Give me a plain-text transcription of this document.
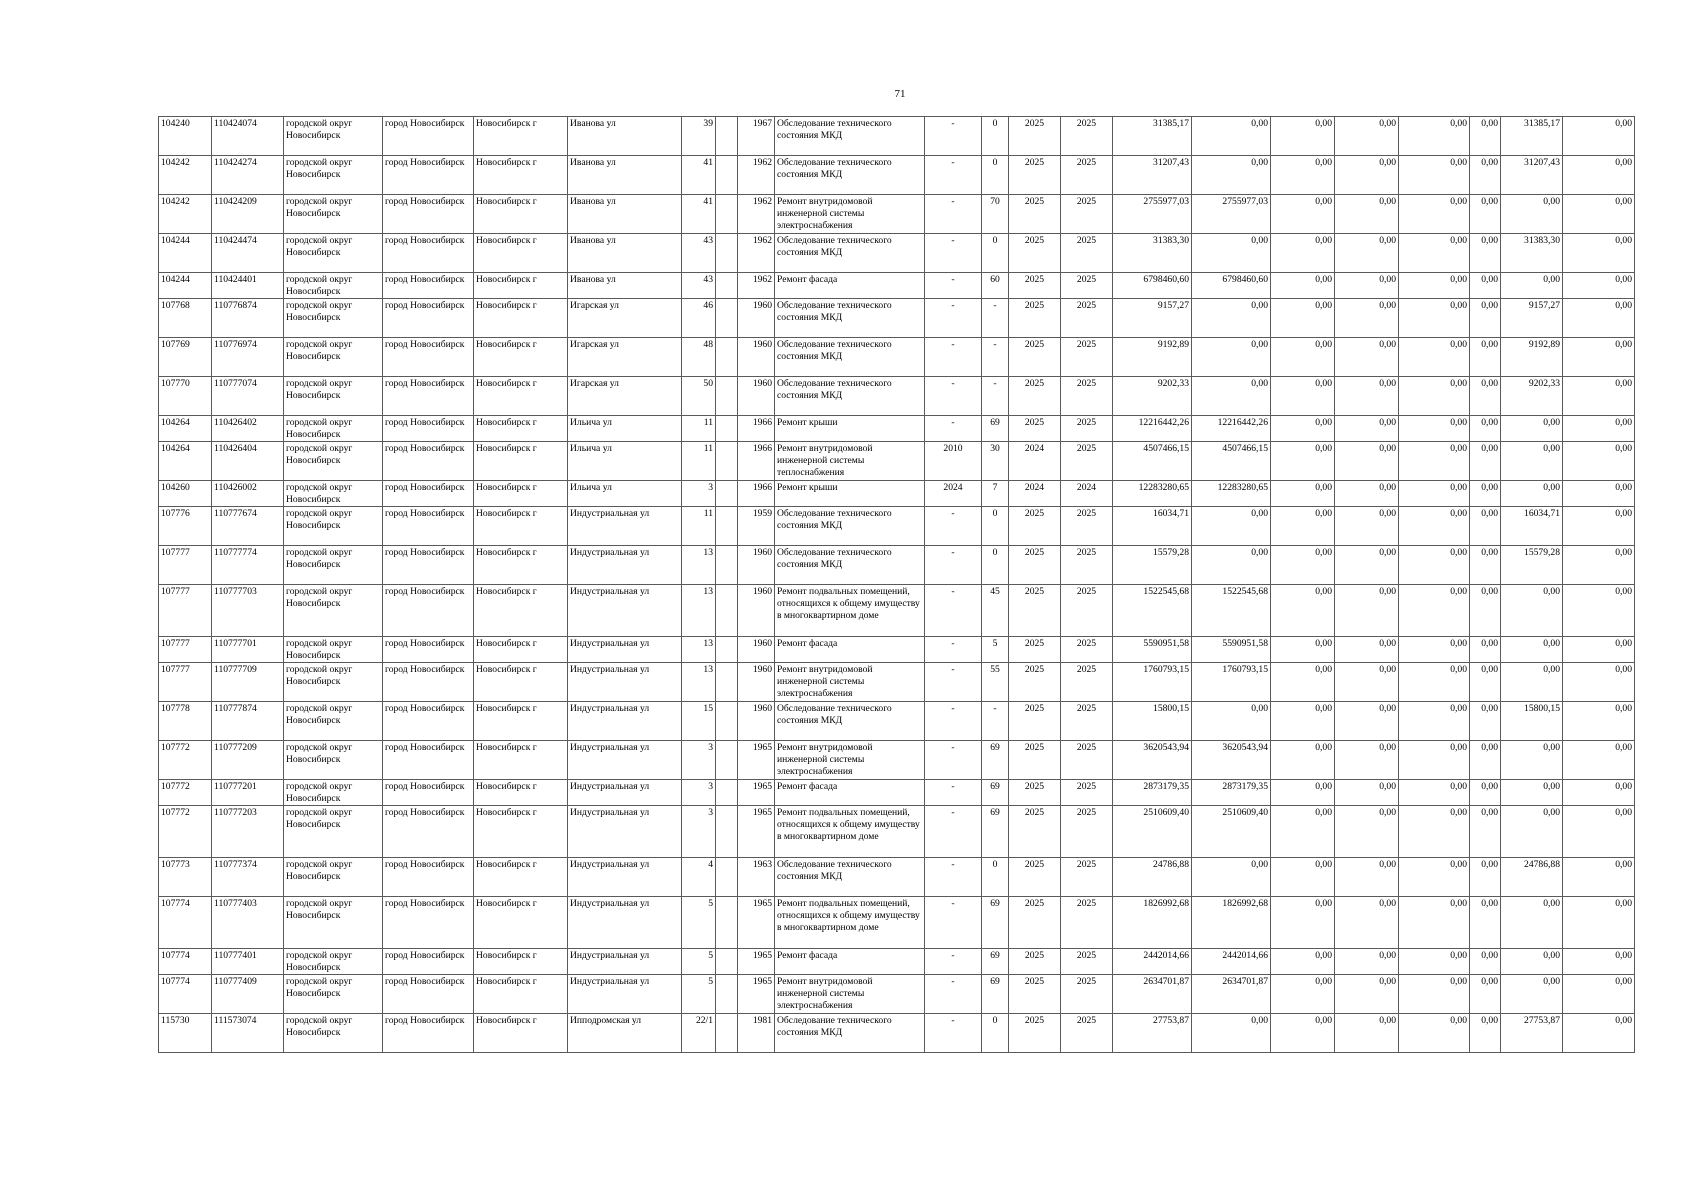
71
104240	110424074	городской округ Новосибирск	город Новосибирск	Новосибирск г	Иванова ул	39		1967	Обследование технического состояния МКД	-	0	2025	2025	31385,17	0,00	0,00	0,00	0,00	0,00	31385,17	0,00
104242	110424274	городской округ Новосибирск	город Новосибирск	Новосибирск г	Иванова ул	41		1962	Обследование технического состояния МКД	-	0	2025	2025	31207,43	0,00	0,00	0,00	0,00	0,00	31207,43	0,00
104242	110424209	городской округ Новосибирск	город Новосибирск	Новосибирск г	Иванова ул	41		1962	Ремонт внутридомовой инженерной системы электроснабжения	-	70	2025	2025	2755977,03	2755977,03	0,00	0,00	0,00	0,00	0,00	0,00
104244	110424474	городской округ Новосибирск	город Новосибирск	Новосибирск г	Иванова ул	43		1962	Обследование технического состояния МКД	-	0	2025	2025	31383,30	0,00	0,00	0,00	0,00	0,00	31383,30	0,00
104244	110424401	городской округ Новосибирск	город Новосибирск	Новосибирск г	Иванова ул	43		1962	Ремонт фасада	-	60	2025	2025	6798460,60	6798460,60	0,00	0,00	0,00	0,00	0,00	0,00
107768	110776874	городской округ Новосибирск	город Новосибирск	Новосибирск г	Игарская ул	46		1960	Обследование технического состояния МКД	-	-	2025	2025	9157,27	0,00	0,00	0,00	0,00	0,00	9157,27	0,00
107769	110776974	городской округ Новосибирск	город Новосибирск	Новосибирск г	Игарская ул	48		1960	Обследование технического состояния МКД	-	-	2025	2025	9192,89	0,00	0,00	0,00	0,00	0,00	9192,89	0,00
107770	110777074	городской округ Новосибирск	город Новосибирск	Новосибирск г	Игарская ул	50		1960	Обследование технического состояния МКД	-	-	2025	2025	9202,33	0,00	0,00	0,00	0,00	0,00	9202,33	0,00
104264	110426402	городской округ Новосибирск	город Новосибирск	Новосибирск г	Ильича ул	11		1966	Ремонт крыши	-	69	2025	2025	12216442,26	12216442,26	0,00	0,00	0,00	0,00	0,00	0,00
104264	110426404	городской округ Новосибирск	город Новосибирск	Новосибирск г	Ильича ул	11		1966	Ремонт внутридомовой инженерной системы теплоснабжения	2010	30	2024	2025	4507466,15	4507466,15	0,00	0,00	0,00	0,00	0,00	0,00
104260	110426002	городской округ Новосибирск	город Новосибирск	Новосибирск г	Ильича ул	3		1966	Ремонт крыши	2024	7	2024	2024	12283280,65	12283280,65	0,00	0,00	0,00	0,00	0,00	0,00
107776	110777674	городской округ Новосибирск	город Новосибирск	Новосибирск г	Индустриальная ул	11		1959	Обследование технического состояния МКД	-	0	2025	2025	16034,71	0,00	0,00	0,00	0,00	0,00	16034,71	0,00
107777	110777774	городской округ Новосибирск	город Новосибирск	Новосибирск г	Индустриальная ул	13		1960	Обследование технического состояния МКД	-	0	2025	2025	15579,28	0,00	0,00	0,00	0,00	0,00	15579,28	0,00
107777	110777703	городской округ Новосибирск	город Новосибирск	Новосибирск г	Индустриальная ул	13		1960	Ремонт подвальных помещений, относящихся к общему имуществу в многоквартирном доме	-	45	2025	2025	1522545,68	1522545,68	0,00	0,00	0,00	0,00	0,00	0,00
107777	110777701	городской округ Новосибирск	город Новосибирск	Новосибирск г	Индустриальная ул	13		1960	Ремонт фасада	-	5	2025	2025	5590951,58	5590951,58	0,00	0,00	0,00	0,00	0,00	0,00
107777	110777709	городской округ Новосибирск	город Новосибирск	Новосибирск г	Индустриальная ул	13		1960	Ремонт внутридомовой инженерной системы электроснабжения	-	55	2025	2025	1760793,15	1760793,15	0,00	0,00	0,00	0,00	0,00	0,00
107778	110777874	городской округ Новосибирск	город Новосибирск	Новосибирск г	Индустриальная ул	15		1960	Обследование технического состояния МКД	-	-	2025	2025	15800,15	0,00	0,00	0,00	0,00	0,00	15800,15	0,00
107772	110777209	городской округ Новосибирск	город Новосибирск	Новосибирск г	Индустриальная ул	3		1965	Ремонт внутридомовой инженерной системы электроснабжения	-	69	2025	2025	3620543,94	3620543,94	0,00	0,00	0,00	0,00	0,00	0,00
107772	110777201	городской округ Новосибирск	город Новосибирск	Новосибирск г	Индустриальная ул	3		1965	Ремонт фасада	-	69	2025	2025	2873179,35	2873179,35	0,00	0,00	0,00	0,00	0,00	0,00
107772	110777203	городской округ Новосибирск	город Новосибирск	Новосибирск г	Индустриальная ул	3		1965	Ремонт подвальных помещений, относящихся к общему имуществу в многоквартирном доме	-	69	2025	2025	2510609,40	2510609,40	0,00	0,00	0,00	0,00	0,00	0,00
107773	110777374	городской округ Новосибирск	город Новосибирск	Новосибирск г	Индустриальная ул	4		1963	Обследование технического состояния МКД	-	0	2025	2025	24786,88	0,00	0,00	0,00	0,00	0,00	24786,88	0,00
107774	110777403	городской округ Новосибирск	город Новосибирск	Новосибирск г	Индустриальная ул	5		1965	Ремонт подвальных помещений, относящихся к общему имуществу в многоквартирном доме	-	69	2025	2025	1826992,68	1826992,68	0,00	0,00	0,00	0,00	0,00	0,00
107774	110777401	городской округ Новосибирск	город Новосибирск	Новосибирск г	Индустриальная ул	5		1965	Ремонт фасада	-	69	2025	2025	2442014,66	2442014,66	0,00	0,00	0,00	0,00	0,00	0,00
107774	110777409	городской округ Новосибирск	город Новосибирск	Новосибирск г	Индустриальная ул	5		1965	Ремонт внутридомовой инженерной системы электроснабжения	-	69	2025	2025	2634701,87	2634701,87	0,00	0,00	0,00	0,00	0,00	0,00
115730	111573074	городской округ Новосибирск	город Новосибирск	Новосибирск г	Ипподромская ул	22/1		1981	Обследование технического состояния МКД	-	0	2025	2025	27753,87	0,00	0,00	0,00	0,00	0,00	27753,87	0,00
